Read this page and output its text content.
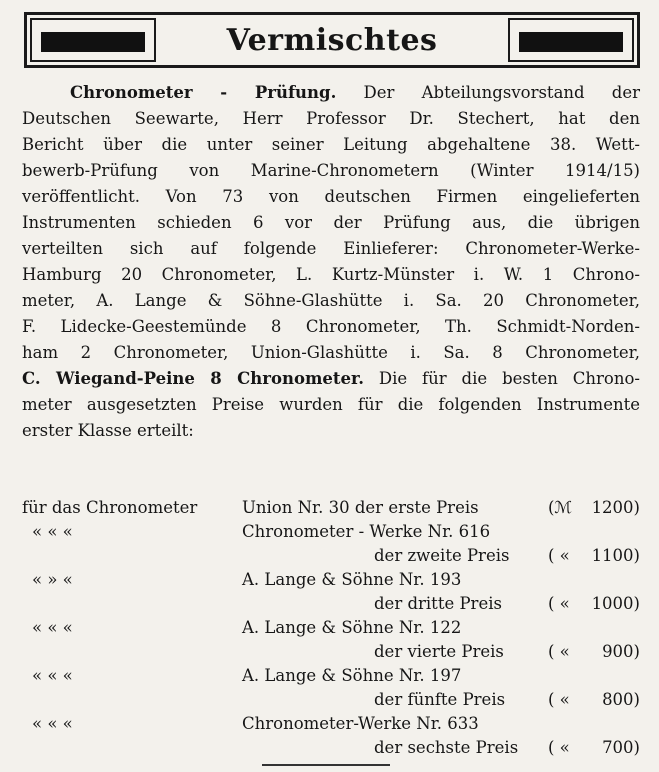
Vermischtes
Chronometer - Prüfung. Der Abteilungsvorstand der
Deutschen Seewarte, Herr Professor Dr. Stechert, hat den
Bericht über die unter seiner Leitung abgehaltene 38. Wett-
bewerb-Prüfung von Marine-Chronometern (Winter 1914/15)
veröffentlicht. Von 73 von deutschen Firmen eingelieferten
Instrumenten schieden 6 vor der Prüfung aus, die übrigen
verteilten sich auf folgende Einlieferer: Chronometer-Werke-
Hamburg 20 Chronometer, L. Kurtz-Münster i. W. 1 Chrono-
meter, A. Lange & Söhne-Glashütte i. Sa. 20 Chronometer,
F. Lidecke-Geestemünde 8 Chronometer, Th. Schmidt-Norden-
ham 2 Chronometer, Union-Glashütte i. Sa. 8 Chronometer,
C. Wiegand-Peine 8 Chronometer. Die für die besten Chrono-
meter ausgesetzten Preise wurden für die folgenden Instrumente
erster Klasse erteilt:
für das Chronometer	Union Nr. 30 der erste Preis	(ℳ 1200)
« « «	Chronometer - Werke Nr. 616
der zweite Preis ( « 1100)
« » «	A. Lange & Söhne Nr. 193
der dritte Preis	( « 1000)
« « «	A. Lange & Söhne Nr. 122
der vierte Preis	( « 900)
« « «	A. Lange & Söhne Nr. 197
der fünfte Preis	( « 800)
« « «	Chronometer-Werke Nr. 633
der sechste Preis ( « 700)
